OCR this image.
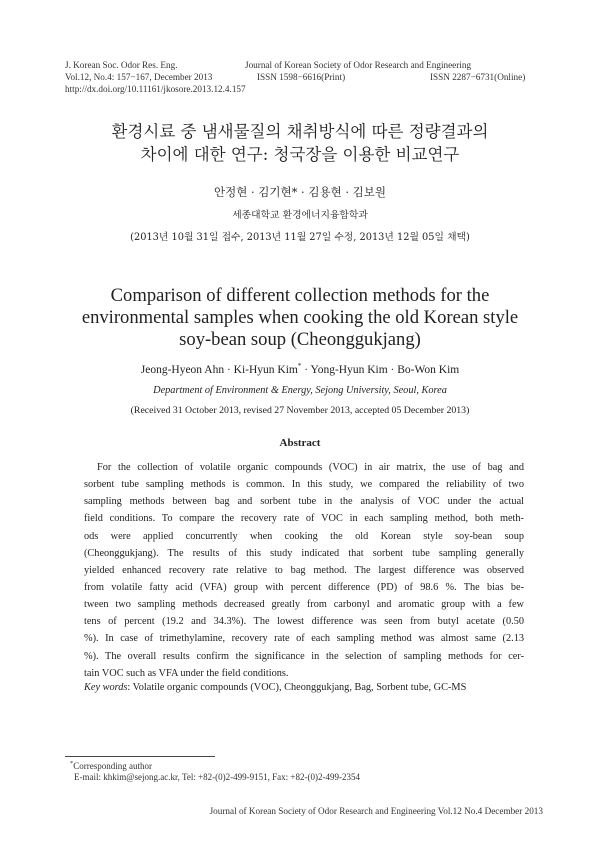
J. Korean Soc. Odor Res. Eng.	Journal of Korean Society of Odor Research and Engineering
Vol.12, No.4: 157−167, December 2013	ISSN 1598−6616(Print)	ISSN 2287−6731(Online)
http://dx.doi.org/10.11161/jkosore.2013.12.4.157
환경시료 중 냄새물질의 채취방식에 따른 정량결과의
차이에 대한 연구: 청국장을 이용한 비교연구
안정현 · 김기현* · 김용현 · 김보원
세종대학교 환경에너지융합학과
(2013년 10월 31일 접수, 2013년 11월 27일 수정, 2013년 12월 05일 채택)
Comparison of different collection methods for the
environmental samples when cooking the old Korean style
soy-bean soup (Cheonggukjang)
Jeong-Hyeon Ahn · Ki-Hyun Kim* · Yong-Hyun Kim · Bo-Won Kim
Department of Environment & Energy, Sejong University, Seoul, Korea
(Received 31 October 2013, revised 27 November 2013, accepted 05 December 2013)
Abstract
For the collection of volatile organic compounds (VOC) in air matrix, the use of bag and
sorbent tube sampling methods is common. In this study, we compared the reliability of two
sampling methods between bag and sorbent tube in the analysis of VOC under the actual
field conditions. To compare the recovery rate of VOC in each sampling method, both meth-
ods were applied concurrently when cooking the old Korean style soy-bean soup
(Cheonggukjang). The results of this study indicated that sorbent tube sampling generally
yielded enhanced recovery rate relative to bag method. The largest difference was observed
from volatile fatty acid (VFA) group with percent difference (PD) of 98.6 %. The bias be-
tween two sampling methods decreased greatly from carbonyl and aromatic group with a few
tens of percent (19.2 and 34.3%). The lowest difference was seen from butyl acetate (0.50
%). In case of trimethylamine, recovery rate of each sampling method was almost same (2.13
%). The overall results confirm the significance in the selection of sampling methods for cer-
tain VOC such as VFA under the field conditions.
Key words: Volatile organic compounds (VOC), Cheonggukjang, Bag, Sorbent tube, GC-MS
*Corresponding author
E-mail: khkim@sejong.ac.kr, Tel: +82-(0)2-499-9151, Fax: +82-(0)2-499-2354
Journal of Korean Society of Odor Research and Engineering Vol.12 No.4 December 2013
